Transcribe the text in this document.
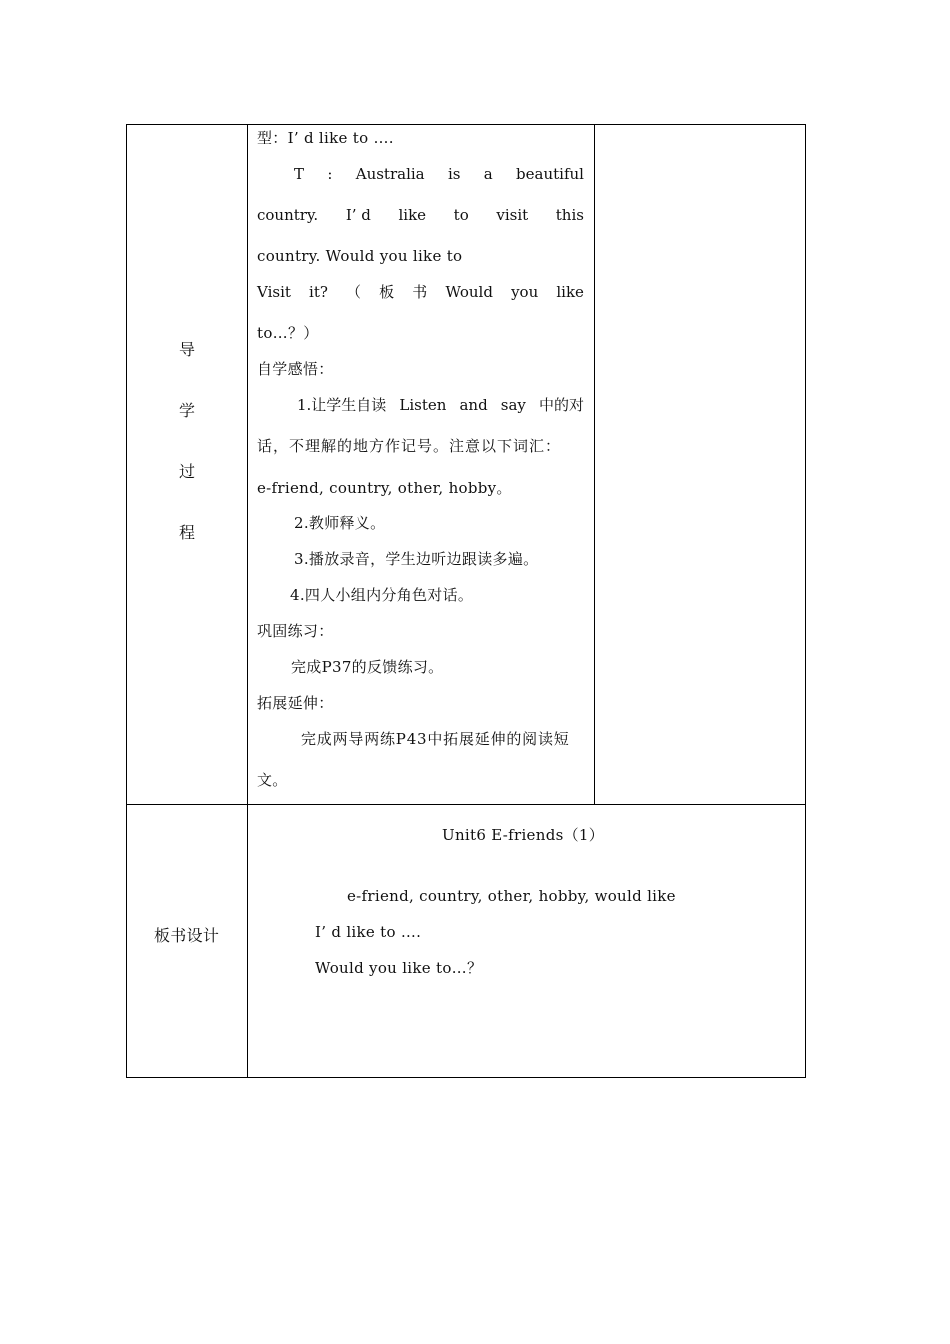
导
学
过
程
型：I’ d like to ….
T : Australia is a beautiful
country. I’ d like to visit this
country. Would you like to
Visit it? （ 板 书 Would you like
to…？）
自学感悟：
1.让学生自读 Listen and say 中的对
话，不理解的地方作记号。注意以下词汇：
e-friend, country, other, hobby。
2.教师释义。
3.播放录音，学生边听边跟读多遍。
4.四人小组内分角色对话。
巩固练习：
完成P37的反馈练习。
拓展延伸：
完成两导两练P43中拓展延伸的阅读短
文。
板书设计
Unit6 E-friends（1）
e-friend, country, other, hobby, would like
I’ d like to ….
Would you like to…？
